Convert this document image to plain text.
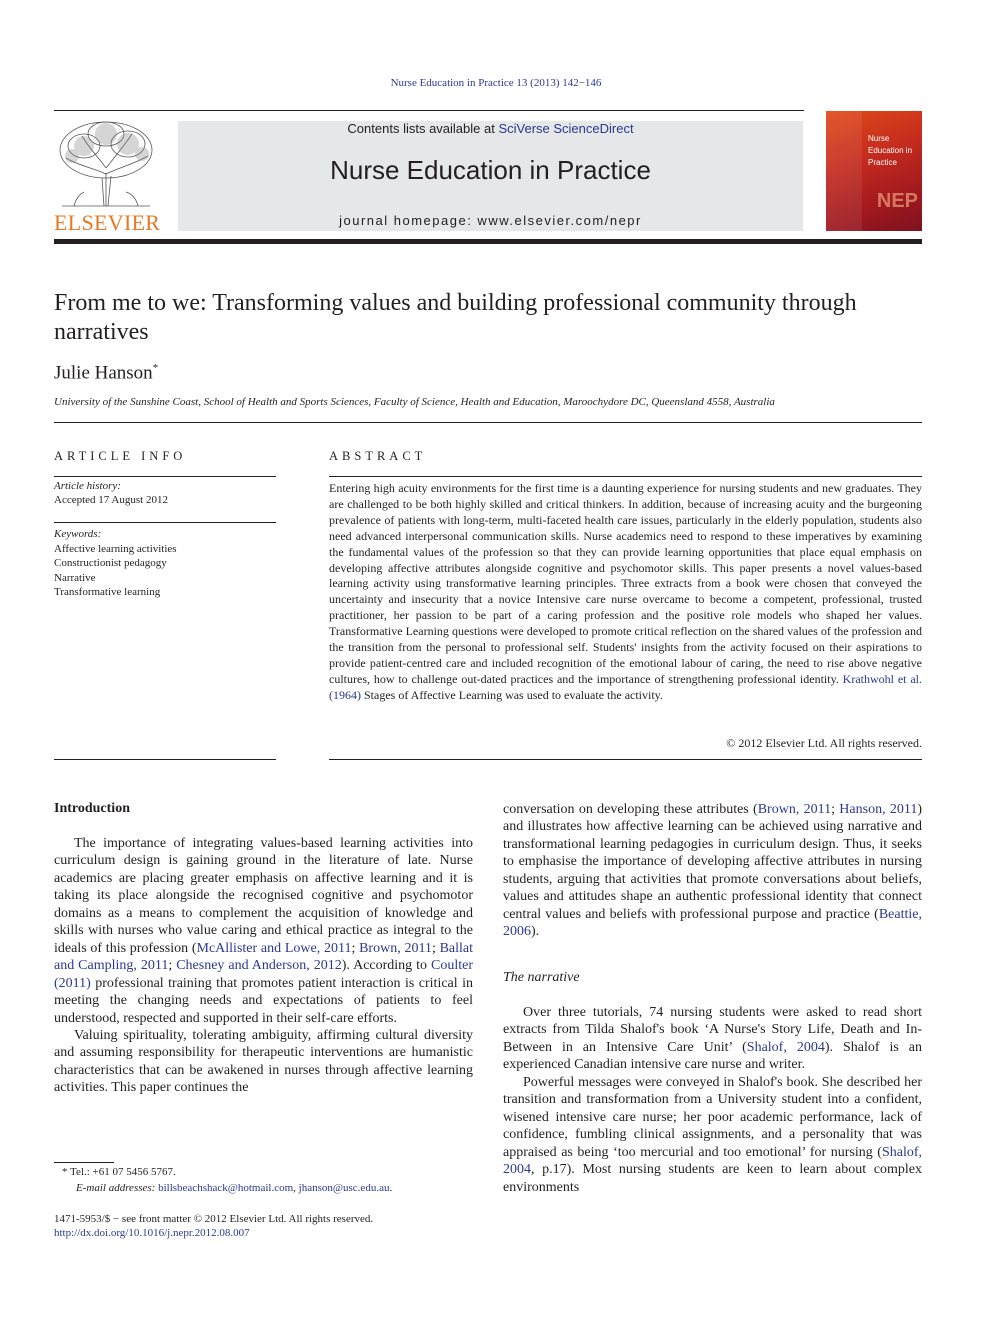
Nurse Education in Practice 13 (2013) 142−146
ELSEVIER
Contents lists available at SciVerse ScienceDirect
Nurse Education in Practice
journal homepage: www.elsevier.com/nepr
Nurse Education in Practice
NEP
From me to we: Transforming values and building professional community through narratives
Julie Hanson*
University of the Sunshine Coast, School of Health and Sports Sciences, Faculty of Science, Health and Education, Maroochydore DC, Queensland 4558, Australia
ARTICLE INFO
Article history:
Accepted 17 August 2012
Keywords:
Affective learning activities
Constructionist pedagogy
Narrative
Transformative learning
ABSTRACT
Entering high acuity environments for the first time is a daunting experience for nursing students and new graduates. They are challenged to be both highly skilled and critical thinkers. In addition, because of increasing acuity and the burgeoning prevalence of patients with long-term, multi-faceted health care issues, particularly in the elderly population, students also need advanced interpersonal communication skills. Nurse academics need to respond to these imperatives by examining the fundamental values of the profession so that they can provide learning opportunities that place equal emphasis on developing affective attributes alongside cognitive and psychomotor skills. This paper presents a novel values-based learning activity using transformative learning principles. Three extracts from a book were chosen that conveyed the uncertainty and insecurity that a novice Intensive care nurse overcame to become a competent, professional, trusted practitioner, her passion to be part of a caring profession and the positive role models who shaped her values. Transformative Learning questions were developed to promote critical reflection on the shared values of the profession and the transition from the personal to professional self. Students' insights from the activity focused on their aspirations to provide patient-centred care and included recognition of the emotional labour of caring, the need to rise above negative cultures, how to challenge out-dated practices and the importance of strengthening professional identity. Krathwohl et al. (1964) Stages of Affective Learning was used to evaluate the activity.
© 2012 Elsevier Ltd. All rights reserved.
Introduction

The importance of integrating values-based learning activities into curriculum design is gaining ground in the literature of late. Nurse academics are placing greater emphasis on affective learning and it is taking its place alongside the recognised cognitive and psychomotor domains as a means to complement the acquisition of knowledge and skills with nurses who value caring and ethical practice as integral to the ideals of this profession (McAllister and Lowe, 2011; Brown, 2011; Ballat and Campling, 2011; Chesney and Anderson, 2012). According to Coulter (2011) professional training that promotes patient interaction is critical in meeting the changing needs and expectations of patients to feel understood, respected and supported in their self-care efforts.

Valuing spirituality, tolerating ambiguity, affirming cultural diversity and assuming responsibility for therapeutic interventions are humanistic characteristics that can be awakened in nurses through affective learning activities. This paper continues the

conversation on developing these attributes (Brown, 2011; Hanson, 2011) and illustrates how affective learning can be achieved using narrative and transformational learning pedagogies in curriculum design. Thus, it seeks to emphasise the importance of developing affective attributes in nursing students, arguing that activities that promote conversations about beliefs, values and attitudes shape an authentic professional identity that connect central values and beliefs with professional purpose and practice (Beattie, 2006).

The narrative

Over three tutorials, 74 nursing students were asked to read short extracts from Tilda Shalof's book ‘A Nurse's Story Life, Death and In-Between in an Intensive Care Unit’ (Shalof, 2004). Shalof is an experienced Canadian intensive care nurse and writer.

Powerful messages were conveyed in Shalof's book. She described her transition and transformation from a University student into a confident, wisened intensive care nurse; her poor academic performance, lack of confidence, fumbling clinical assignments, and a personality that was appraised as being ‘too mercurial and too emotional’ for nursing (Shalof, 2004, p.17). Most nursing students are keen to learn about complex environments

* Tel.: +61 07 5456 5767.
E-mail addresses: billsbeachshack@hotmail.com, jhanson@usc.edu.au.
1471-5953/$ − see front matter © 2012 Elsevier Ltd. All rights reserved.
http://dx.doi.org/10.1016/j.nepr.2012.08.007
